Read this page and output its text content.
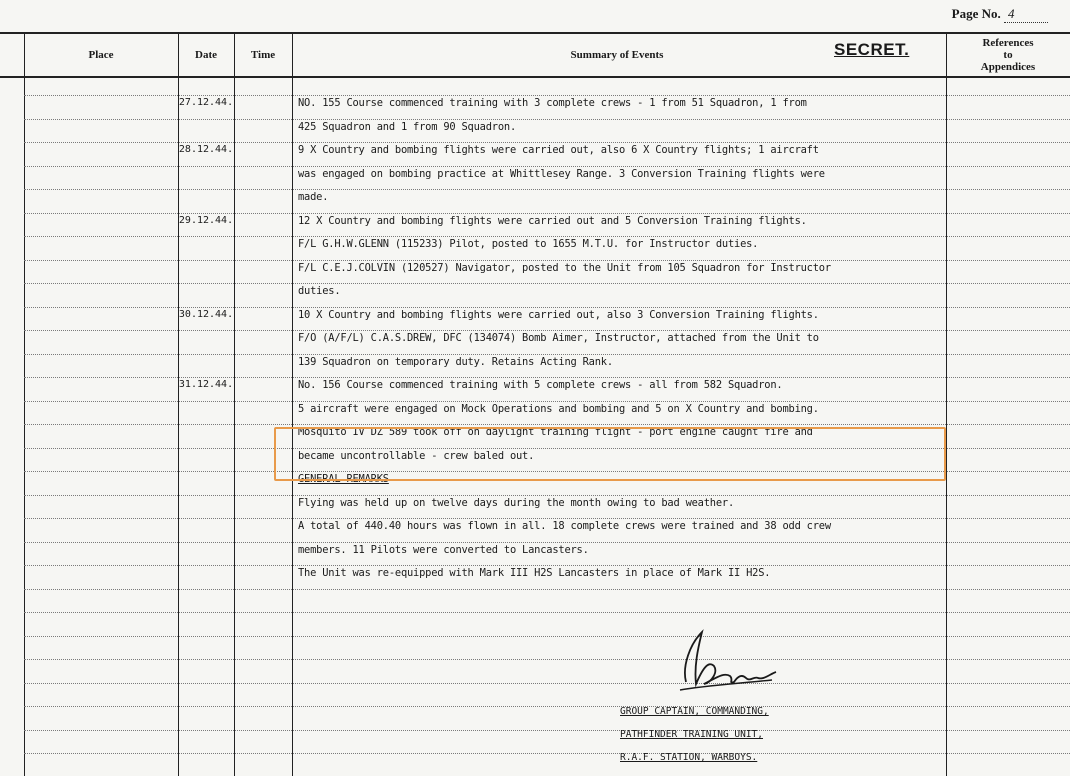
Page No. 4
Place	Date	Time	Summary of Events
References
to
Appendices
SECRET.
27.12.44.	NO. 155 Course commenced training with 3 complete crews - 1 from 51 Squadron, 1 from
425 Squadron and 1 from 90 Squadron.
28.12.44.	9 X Country and bombing flights were carried out, also 6 X Country flights; 1 aircraft
was engaged on bombing practice at Whittlesey Range. 3 Conversion Training flights were
made.
29.12.44.	12 X Country and bombing flights were carried out and 5 Conversion Training flights.
F/L G.H.W.GLENN (115233) Pilot, posted to 1655 M.T.U. for Instructor duties.
F/L C.E.J.COLVIN (120527) Navigator, posted to the Unit from 105 Squadron for Instructor
duties.
30.12.44.	10 X Country and bombing flights were carried out, also 3 Conversion Training flights.
F/O (A/F/L) C.A.S.DREW, DFC (134074) Bomb Aimer, Instructor, attached from the Unit to
139 Squadron on temporary duty. Retains Acting Rank.
31.12.44.	No. 156 Course commenced training with 5 complete crews - all from 582 Squadron.
5 aircraft were engaged on Mock Operations and bombing and 5 on X Country and bombing.
Mosquito IV DZ 589 took off on daylight training flight - port engine caught fire and
became uncontrollable - crew baled out.
GENERAL REMARKS
Flying was held up on twelve days during the month owing to bad weather.
A total of 440.40 hours was flown in all. 18 complete crews were trained and 38 odd crew
members. 11 Pilots were converted to Lancasters.
The Unit was re-equipped with Mark III H2S Lancasters in place of Mark II H2S.
GROUP CAPTAIN, COMMANDING,
PATHFINDER TRAINING UNIT,
R.A.F. STATION, WARBOYS.
